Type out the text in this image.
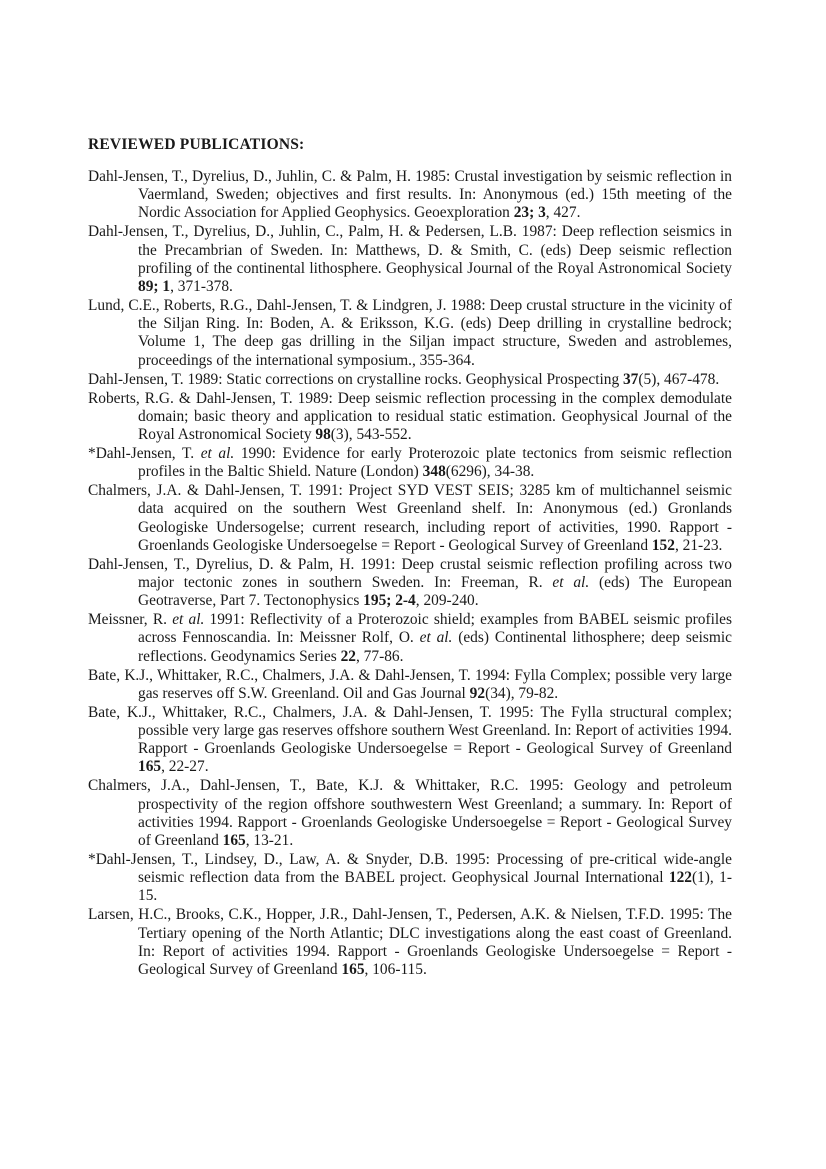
REVIEWED PUBLICATIONS:
Dahl-Jensen, T., Dyrelius, D., Juhlin, C. & Palm, H. 1985: Crustal investigation by seismic reflection in Vaermland, Sweden; objectives and first results. In: Anonymous (ed.) 15th meeting of the Nordic Association for Applied Geophysics. Geoexploration 23; 3, 427.
Dahl-Jensen, T., Dyrelius, D., Juhlin, C., Palm, H. & Pedersen, L.B. 1987: Deep reflection seismics in the Precambrian of Sweden. In: Matthews, D. & Smith, C. (eds) Deep seismic reflection profiling of the continental lithosphere. Geophysical Journal of the Royal Astronomical Society 89; 1, 371-378.
Lund, C.E., Roberts, R.G., Dahl-Jensen, T. & Lindgren, J. 1988: Deep crustal structure in the vicinity of the Siljan Ring. In: Boden, A. & Eriksson, K.G. (eds) Deep drilling in crystalline bedrock; Volume 1, The deep gas drilling in the Siljan impact structure, Sweden and astroblemes, proceedings of the international symposium., 355-364.
Dahl-Jensen, T. 1989: Static corrections on crystalline rocks. Geophysical Prospecting 37(5), 467-478.
Roberts, R.G. & Dahl-Jensen, T. 1989: Deep seismic reflection processing in the complex demodulate domain; basic theory and application to residual static estimation. Geophysical Journal of the Royal Astronomical Society 98(3), 543-552.
*Dahl-Jensen, T. et al. 1990: Evidence for early Proterozoic plate tectonics from seismic reflection profiles in the Baltic Shield. Nature (London) 348(6296), 34-38.
Chalmers, J.A. & Dahl-Jensen, T. 1991: Project SYD VEST SEIS; 3285 km of multichannel seismic data acquired on the southern West Greenland shelf. In: Anonymous (ed.) Gronlands Geologiske Undersogelse; current research, including report of activities, 1990. Rapport - Groenlands Geologiske Undersoegelse = Report - Geological Survey of Greenland 152, 21-23.
Dahl-Jensen, T., Dyrelius, D. & Palm, H. 1991: Deep crustal seismic reflection profiling across two major tectonic zones in southern Sweden. In: Freeman, R. et al. (eds) The European Geotraverse, Part 7. Tectonophysics 195; 2-4, 209-240.
Meissner, R. et al. 1991: Reflectivity of a Proterozoic shield; examples from BABEL seismic profiles across Fennoscandia. In: Meissner Rolf, O. et al. (eds) Continental lithosphere; deep seismic reflections. Geodynamics Series 22, 77-86.
Bate, K.J., Whittaker, R.C., Chalmers, J.A. & Dahl-Jensen, T. 1994: Fylla Complex; possible very large gas reserves off S.W. Greenland. Oil and Gas Journal 92(34), 79-82.
Bate, K.J., Whittaker, R.C., Chalmers, J.A. & Dahl-Jensen, T. 1995: The Fylla structural complex; possible very large gas reserves offshore southern West Greenland. In: Report of activities 1994. Rapport - Groenlands Geologiske Undersoegelse = Report - Geological Survey of Greenland 165, 22-27.
Chalmers, J.A., Dahl-Jensen, T., Bate, K.J. & Whittaker, R.C. 1995: Geology and petroleum prospectivity of the region offshore southwestern West Greenland; a summary. In: Report of activities 1994. Rapport - Groenlands Geologiske Undersoegelse = Report - Geological Survey of Greenland 165, 13-21.
*Dahl-Jensen, T., Lindsey, D., Law, A. & Snyder, D.B. 1995: Processing of pre-critical wide-angle seismic reflection data from the BABEL project. Geophysical Journal International 122(1), 1-15.
Larsen, H.C., Brooks, C.K., Hopper, J.R., Dahl-Jensen, T., Pedersen, A.K. & Nielsen, T.F.D. 1995: The Tertiary opening of the North Atlantic; DLC investigations along the east coast of Greenland. In: Report of activities 1994. Rapport - Groenlands Geologiske Undersoegelse = Report - Geological Survey of Greenland 165, 106-115.
